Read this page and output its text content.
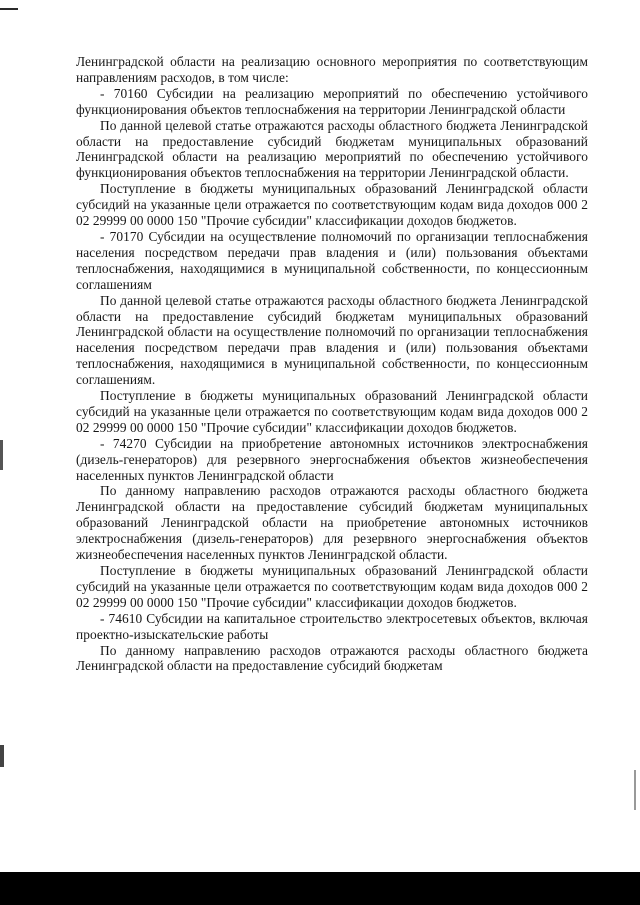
Ленинградской области на реализацию основного мероприятия по соответствующим направлениям расходов, в том числе:

- 70160 Субсидии на реализацию мероприятий по обеспечению устойчивого функционирования объектов теплоснабжения на территории Ленинградской области

По данной целевой статье отражаются расходы областного бюджета Ленинградской области на предоставление субсидий бюджетам муниципальных образований Ленинградской области на реализацию мероприятий по обеспечению устойчивого функционирования объектов теплоснабжения на территории Ленинградской области.

Поступление в бюджеты муниципальных образований Ленинградской области субсидий на указанные цели отражается по соответствующим кодам вида доходов 000 2 02 29999 00 0000 150 "Прочие субсидии" классификации доходов бюджетов.

- 70170 Субсидии на осуществление полномочий по организации теплоснабжения населения посредством передачи прав владения и (или) пользования объектами теплоснабжения, находящимися в муниципальной собственности, по концессионным соглашениям

По данной целевой статье отражаются расходы областного бюджета Ленинградской области на предоставление субсидий бюджетам муниципальных образований Ленинградской области на осуществление полномочий по организации теплоснабжения населения посредством передачи прав владения и (или) пользования объектами теплоснабжения, находящимися в муниципальной собственности, по концессионным соглашениям.

Поступление в бюджеты муниципальных образований Ленинградской области субсидий на указанные цели отражается по соответствующим кодам вида доходов 000 2 02 29999 00 0000 150 "Прочие субсидии" классификации доходов бюджетов.

- 74270 Субсидии на приобретение автономных источников электроснабжения (дизель-генераторов) для резервного энергоснабжения объектов жизнеобеспечения населенных пунктов Ленинградской области

По данному направлению расходов отражаются расходы областного бюджета Ленинградской области на предоставление субсидий бюджетам муниципальных образований Ленинградской области на приобретение автономных источников электроснабжения (дизель-генераторов) для резервного энергоснабжения объектов жизнеобеспечения населенных пунктов Ленинградской области.

Поступление в бюджеты муниципальных образований Ленинградской области субсидий на указанные цели отражается по соответствующим кодам вида доходов 000 2 02 29999 00 0000 150 "Прочие субсидии" классификации доходов бюджетов.

- 74610 Субсидии на капитальное строительство электросетевых объектов, включая проектно-изыскательские работы

По данному направлению расходов отражаются расходы областного бюджета Ленинградской области на предоставление субсидий бюджетам
